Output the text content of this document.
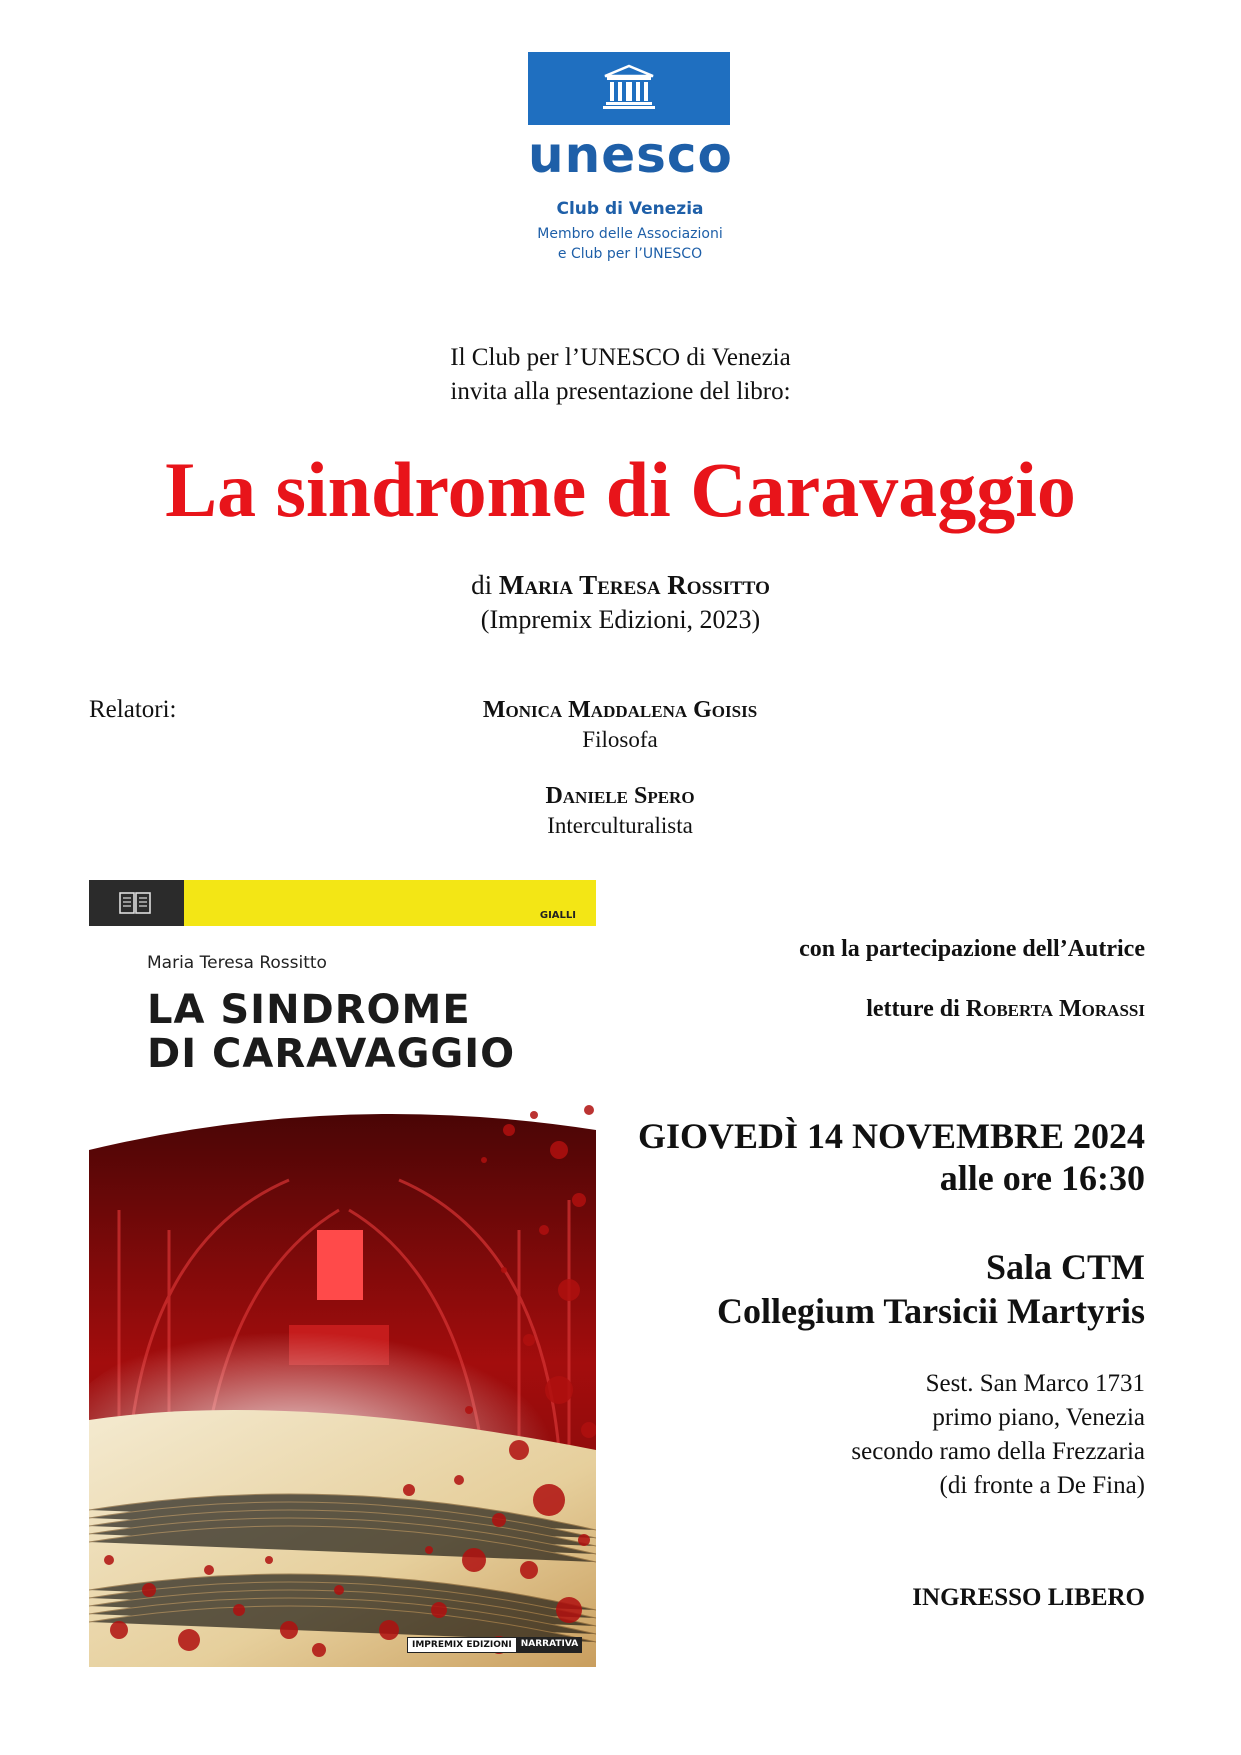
unesco
Club di Venezia
Membro delle Associazioni
e Club per l’UNESCO
Il Club per l’UNESCO di Venezia
invita alla presentazione del libro:
La sindrome di Caravaggio
di Maria Teresa Rossitto
(Impremix Edizioni, 2023)
Relatori:	Monica Maddalena Goisis
Filosofa
Daniele Spero
Interculturalista
GIALLI
Maria Teresa Rossitto
LA SINDROME
DI CARAVAGGIO
IMPREMIX EDIZIONI	NARRATIVA
con la partecipazione dell’Autrice
letture di Roberta Morassi
GIOVEDÌ 14 NOVEMBRE 2024
alle ore 16:30
Sala CTM
Collegium Tarsicii Martyris
Sest. San Marco 1731
primo piano, Venezia
secondo ramo della Frezzaria
(di fronte a De Fina)
INGRESSO LIBERO
